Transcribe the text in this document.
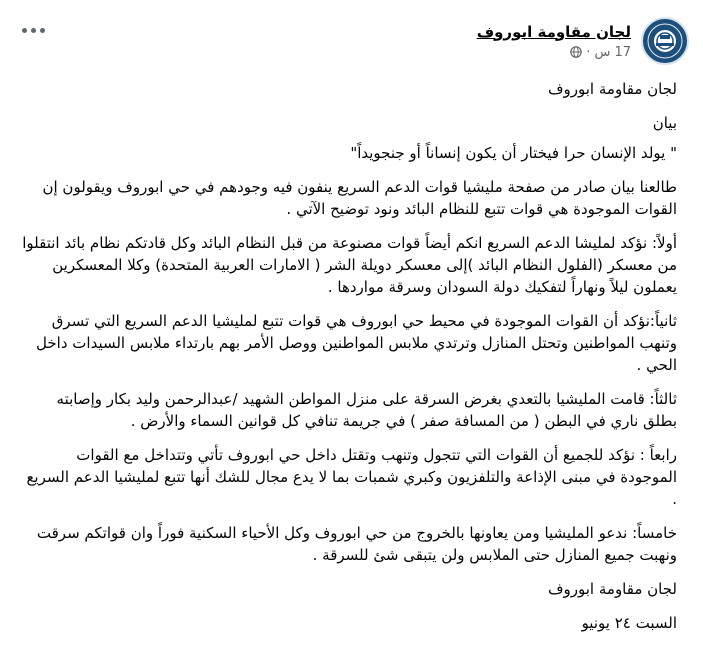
لجان مقاومة ابوروف
17 س
·

لجان مقاومة ابوروف

بيان

" يولد الإنسان حرا فيختار أن يكون إنساناً أو جنجويداً"

طالعنا بيان صادر من صفحة مليشيا قوات الدعم السريع ينفون فيه وجودهم في حي ابوروف ويقولون إن القوات الموجودة هي قوات تتبع للنظام البائد ونود توضيح الآتي .

أولاً: نؤكد لمليشا الدعم السريع انكم أيضاً قوات مصنوعة من قبل النظام البائد وكل قادتكم نظام بائد انتقلوا من معسكر (الفلول النظام البائد )إلى معسكر دويلة الشر ( الامارات العربية المتحدة) وكلا المعسكرين يعملون ليلاً ونهاراً لتفكيك دولة السودان وسرقة مواردها .

ثانياً:نؤكد أن القوات الموجودة في محيط حي ابوروف هي قوات تتبع لمليشيا الدعم السريع التي تسرق وتنهب المواطنين وتحتل المنازل وترتدي ملابس المواطنين ووصل الأمر بهم بارتداء ملابس السيدات داخل الحي .

ثالثاً: قامت المليشيا بالتعدي بغرض السرقة على منزل المواطن الشهيد /عبدالرحمن وليد بكار وإصابته بطلق ناري في البطن ( من المسافة صفر ) في جريمة تنافي كل قوانين السماء والأرض .

رابعاً : نؤكد للجميع أن القوات التي تتجول وتنهب وتقتل داخل حي ابوروف تأتي وتتداخل مع القوات الموجودة في مبنى الإذاعة والتلفزيون وكبري شمبات بما لا يدع مجال للشك أنها تتبع لمليشيا الدعم السريع .

خامساً: ندعو المليشيا ومن يعاونها بالخروج من حي ابوروف وكل الأحياء السكنية فوراً وان قواتكم سرقت ونهبت جميع المنازل حتى الملابس ولن يتبقى شئ للسرقة .

لجان مقاومة ابوروف

السبت ٢٤ يونيو
